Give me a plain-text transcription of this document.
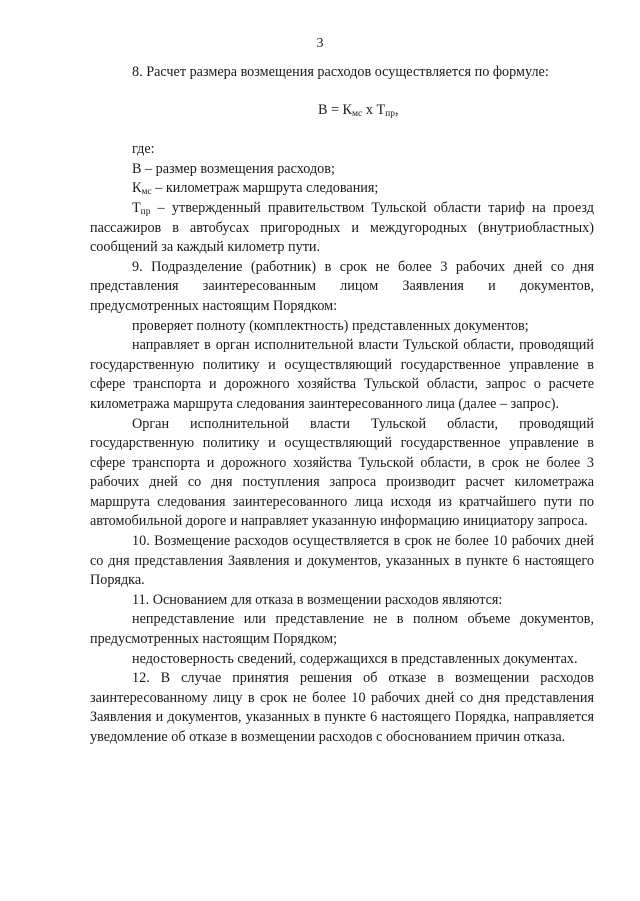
3
8. Расчет размера возмещения расходов осуществляется по формуле:
$В = К_{мс}$ х $Т_{пр}$,
где:
В – размер возмещения расходов;
$К_{мс}$ – километраж маршрута следования;
$Т_{пр}$ – утвержденный правительством Тульской области тариф на проезд пассажиров в автобусах пригородных и междугородных (внутриобластных) сообщений за каждый километр пути.
9. Подразделение (работник) в срок не более 3 рабочих дней со дня представления заинтересованным лицом Заявления и документов, предусмотренных настоящим Порядком:
проверяет полноту (комплектность) представленных документов;
направляет в орган исполнительной власти Тульской области, проводящий государственную политику и осуществляющий государственное управление в сфере транспорта и дорожного хозяйства Тульской области, запрос о расчете километража маршрута следования заинтересованного лица (далее – запрос).
Орган исполнительной власти Тульской области, проводящий государственную политику и осуществляющий государственное управление в сфере транспорта и дорожного хозяйства Тульской области, в срок не более 3 рабочих дней со дня поступления запроса производит расчет километража маршрута следования заинтересованного лица исходя из кратчайшего пути по автомобильной дороге и направляет указанную информацию инициатору запроса.
10. Возмещение расходов осуществляется в срок не более 10 рабочих дней со дня представления Заявления и документов, указанных в пункте 6 настоящего Порядка.
11. Основанием для отказа в возмещении расходов являются:
непредставление или представление не в полном объеме документов, предусмотренных настоящим Порядком;
недостоверность сведений, содержащихся в представленных документах.
12. В случае принятия решения об отказе в возмещении расходов заинтересованному лицу в срок не более 10 рабочих дней со дня представления Заявления и документов, указанных в пункте 6 настоящего Порядка, направляется уведомление об отказе в возмещении расходов с обоснованием причин отказа.
